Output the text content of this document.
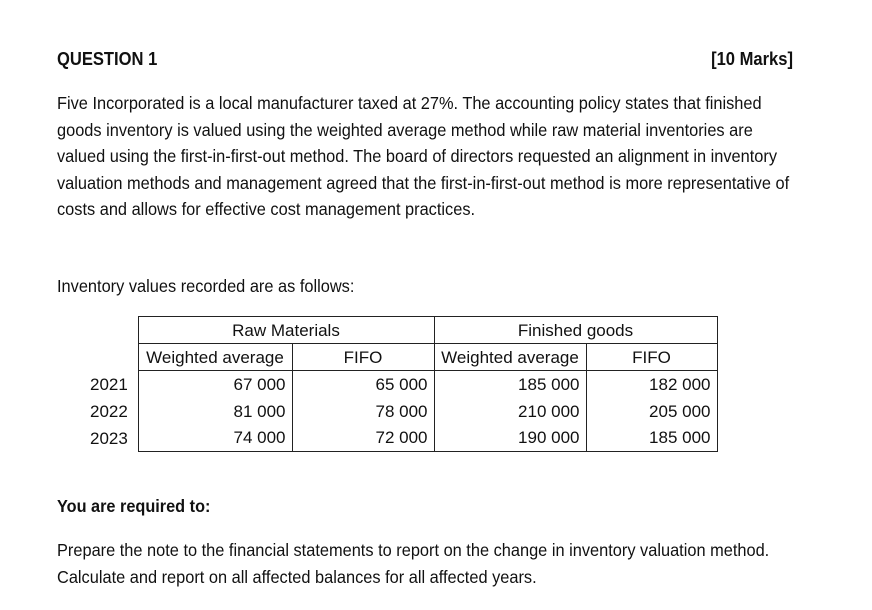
QUESTION 1	[10 Marks]

Five Incorporated is a local manufacturer taxed at 27%. The accounting policy states that finished goods inventory is valued using the weighted average method while raw material inventories are valued using the first-in-first-out method. The board of directors requested an alignment in inventory valuation methods and management agreed that the first-in-first-out method is more representative of costs and allows for effective cost management practices.

Inventory values recorded are as follows:

	Raw Materials		Finished goods	
	Weighted average	FIFO	Weighted average	FIFO
2021	67 000	65 000	185 000	182 000
2022	81 000	78 000	210 000	205 000
2023	74 000	72 000	190 000	185 000

You are required to:

Prepare the note to the financial statements to report on the change in inventory valuation method. Calculate and report on all affected balances for all affected years.
